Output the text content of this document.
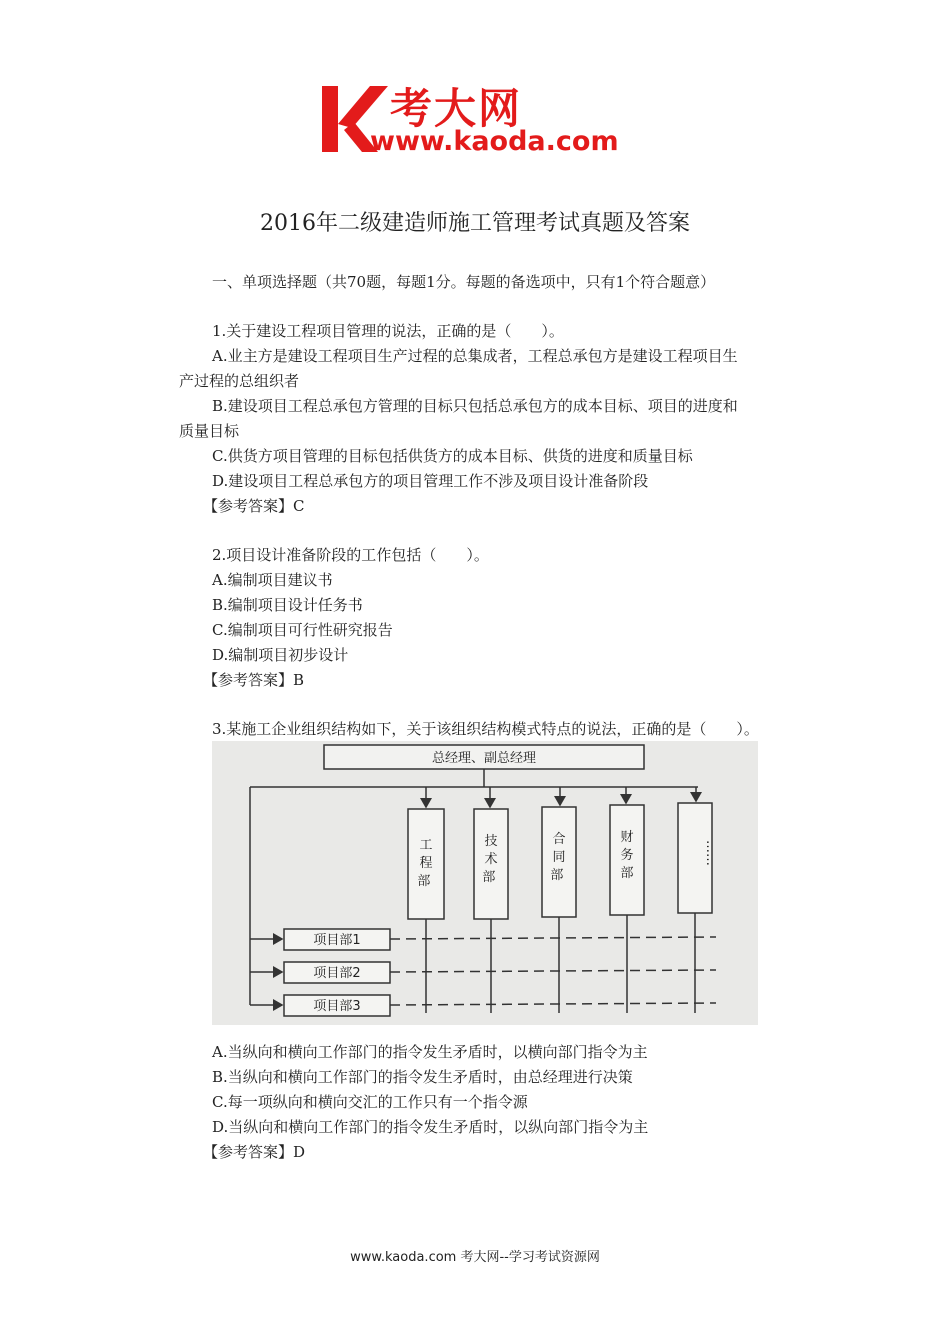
考大网
www.kaoda.com
2016年二级建造师施工管理考试真题及答案
一、单项选择题（共70题，每题1分。每题的备选项中，只有1个符合题意）
1.关于建设工程项目管理的说法，正确的是（　　）。
A.业主方是建设工程项目生产过程的总集成者，工程总承包方是建设工程项目生
产过程的总组织者
B.建设项目工程总承包方管理的目标只包括总承包方的成本目标、项目的进度和
质量目标
C.供货方项目管理的目标包括供货方的成本目标、供货的进度和质量目标
D.建设项目工程总承包方的项目管理工作不涉及项目设计准备阶段
【参考答案】C
2.项目设计准备阶段的工作包括（　　）。
A.编制项目建议书
B.编制项目设计任务书
C.编制项目可行性研究报告
D.编制项目初步设计
【参考答案】B
3.某施工企业组织结构如下，关于该组织结构模式特点的说法，正确的是（　　）。
总经理、副总经理
工程部 技术部 合同部 财务部
……
项目部1
项目部2
项目部3
A.当纵向和横向工作部门的指令发生矛盾时，以横向部门指令为主
B.当纵向和横向工作部门的指令发生矛盾时，由总经理进行决策
C.每一项纵向和横向交汇的工作只有一个指令源
D.当纵向和横向工作部门的指令发生矛盾时，以纵向部门指令为主
【参考答案】D
www.kaoda.com 考大网--学习考试资源网
